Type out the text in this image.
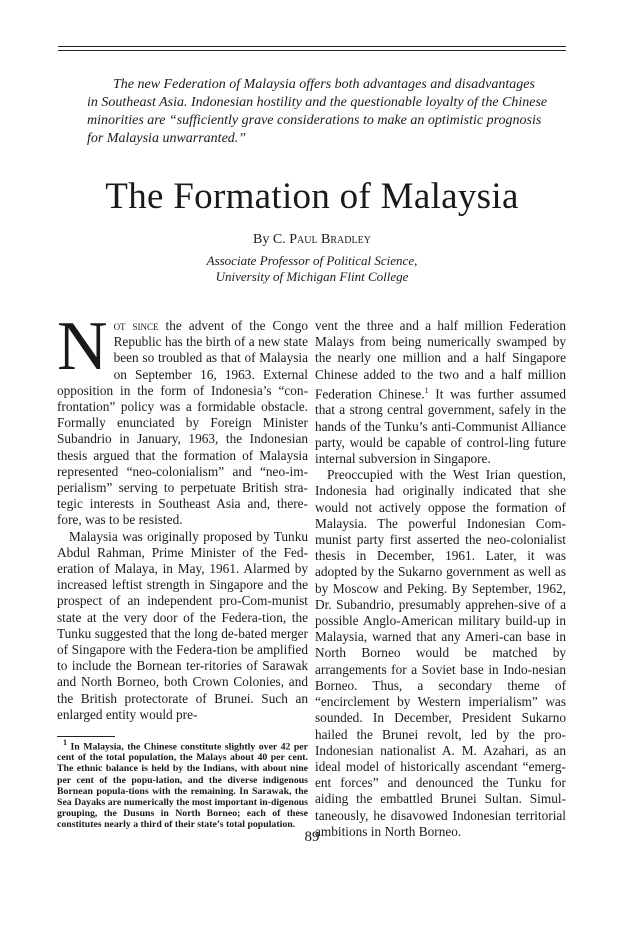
The new Federation of Malaysia offers both advantages and disadvantages in Southeast Asia. Indonesian hostility and the questionable loyalty of the Chinese minorities are “sufficiently grave considerations to make an optimistic prognosis for Malaysia unwarranted.”

The Formation of Malaysia
By C. Paul Bradley
Associate Professor of Political Science,
University of Michigan Flint College

Not since the advent of the Congo Republic has the birth of a new state been so troubled as that of Malaysia on September 16, 1963. External opposition in the form of Indonesia’s “con-frontation” policy was a formidable obstacle. Formally enunciated by Foreign Minister Subandrio in January, 1963, the Indonesian thesis argued that the formation of Malaysia represented “neo-colonialism” and “neo-im-perialism” serving to perpetuate British stra-tegic interests in Southeast Asia and, there-fore, was to be resisted.

Malaysia was originally proposed by Tunku Abdul Rahman, Prime Minister of the Fed-eration of Malaya, in May, 1961. Alarmed by increased leftist strength in Singapore and the prospect of an independent pro-Com-munist state at the very door of the Federa-tion, the Tunku suggested that the long de-bated merger of Singapore with the Federa-tion be amplified to include the Bornean ter-ritories of Sarawak and North Borneo, both Crown Colonies, and the British protectorate of Brunei. Such an enlarged entity would pre-

$^1$ In Malaysia, the Chinese constitute slightly over 42 per cent of the total population, the Malays about 40 per cent. The ethnic balance is held by the Indians, with about nine per cent of the popu-lation, and the diverse indigenous Bornean popula-tions with the remaining. In Sarawak, the Sea Dayaks are numerically the most important in-digenous grouping, the Dusuns in North Borneo; each of these constitutes nearly a third of their state’s total population.

vent the three and a half million Federation Malays from being numerically swamped by the nearly one million and a half Singapore Chinese added to the two and a half million Federation Chinese.$^1$ It was further assumed that a strong central government, safely in the hands of the Tunku’s anti-Communist Alliance party, would be capable of control-ling future internal subversion in Singapore.

Preoccupied with the West Irian question, Indonesia had originally indicated that she would not actively oppose the formation of Malaysia. The powerful Indonesian Com-munist party first asserted the neo-colonialist thesis in December, 1961. Later, it was adopted by the Sukarno government as well as by Moscow and Peking. By September, 1962, Dr. Subandrio, presumably apprehen-sive of a possible Anglo-American military build-up in Malaysia, warned that any Ameri-can base in North Borneo would be matched by arrangements for a Soviet base in Indo-nesian Borneo. Thus, a secondary theme of “encirclement by Western imperialism” was sounded. In December, President Sukarno hailed the Brunei revolt, led by the pro-Indonesian nationalist A. M. Azahari, as an ideal model of historically ascendant “emerg-ent forces” and denounced the Tunku for aiding the embattled Brunei Sultan. Simul-taneously, he disavowed Indonesian territorial ambitions in North Borneo.

89
